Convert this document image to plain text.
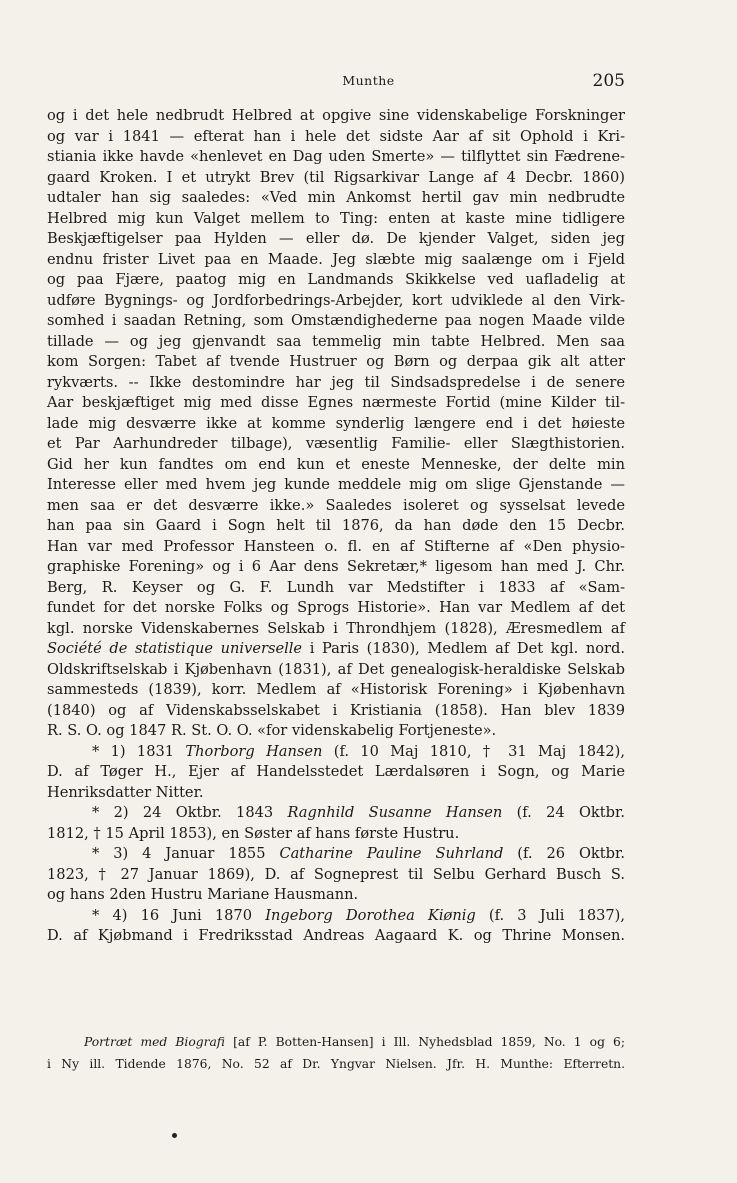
Munthe	205
og i det hele nedbrudt Helbred at opgive sine videnskabelige Forskninger
og var i 1841 — efterat han i hele det sidste Aar af sit Ophold i Kri-
stiania ikke havde «henlevet en Dag uden Smerte» — tilflyttet sin Fædrene-
gaard Kroken. I et utrykt Brev (til Rigsarkivar Lange af 4 Decbr. 1860)
udtaler han sig saaledes: «Ved min Ankomst hertil gav min nedbrudte
Helbred mig kun Valget mellem to Ting: enten at kaste mine tidligere
Beskjæftigelser paa Hylden — eller dø. De kjender Valget, siden jeg
endnu frister Livet paa en Maade. Jeg slæbte mig saalænge om i Fjeld
og paa Fjære, paatog mig en Landmands Skikkelse ved uafladelig at
udføre Bygnings- og Jordforbedrings-Arbejder, kort udviklede al den Virk-
somhed i saadan Retning, som Omstændighederne paa nogen Maade vilde
tillade — og jeg gjenvandt saa temmelig min tabte Helbred. Men saa
kom Sorgen: Tabet af tvende Hustruer og Børn og derpaa gik alt atter
rykværts. -- Ikke destomindre har jeg til Sindsadspredelse i de senere
Aar beskjæftiget mig med disse Egnes nærmeste Fortid (mine Kilder til-
lade mig desværre ikke at komme synderlig længere end i det høieste
et Par Aarhundreder tilbage), væsentlig Familie- eller Slægthistorien.
Gid her kun fandtes om end kun et eneste Menneske, der delte min
Interesse eller med hvem jeg kunde meddele mig om slige Gjenstande —
men saa er det desværre ikke.» Saaledes isoleret og sysselsat levede
han paa sin Gaard i Sogn helt til 1876, da han døde den 15 Decbr.
Han var med Professor Hansteen o. fl. en af Stifterne af «Den physio-
graphiske Forening» og i 6 Aar dens Sekretær,* ligesom han med J. Chr.
Berg, R. Keyser og G. F. Lundh var Medstifter i 1833 af «Sam-
fundet for det norske Folks og Sprogs Historie». Han var Medlem af det
kgl. norske Videnskabernes Selskab i Throndhjem (1828), Æresmedlem af
Société de statistique universelle i Paris (1830), Medlem af Det kgl. nord.
Oldskriftselskab i Kjøbenhavn (1831), af Det genealogisk-heraldiske Selskab
sammesteds (1839), korr. Medlem af «Historisk Forening» i Kjøbenhavn
(1840) og af Videnskabsselskabet i Kristiania (1858). Han blev 1839
R. S. O. og 1847 R. St. O. O. «for videnskabelig Fortjeneste».
* 1) 1831 Thorborg Hansen (f. 10 Maj 1810, † 31 Maj 1842),
D. af Tøger H., Ejer af Handelsstedet Lærdalsøren i Sogn, og Marie
Henriksdatter Nitter.
* 2) 24 Oktbr. 1843 Ragnhild Susanne Hansen (f. 24 Oktbr.
1812, † 15 April 1853), en Søster af hans første Hustru.
* 3) 4 Januar 1855 Catharine Pauline Suhrland (f. 26 Oktbr.
1823, † 27 Januar 1869), D. af Sogneprest til Selbu Gerhard Busch S.
og hans 2den Hustru Mariane Hausmann.
* 4) 16 Juni 1870 Ingeborg Dorothea Kiønig (f. 3 Juli 1837),
D. af Kjøbmand i Fredriksstad Andreas Aagaard K. og Thrine Monsen.
Portræt med Biografi [af P. Botten-Hansen] i Ill. Nyhedsblad 1859, No. 1 og 6;
i Ny ill. Tidende 1876, No. 52 af Dr. Yngvar Nielsen. Jfr. H. Munthe: Efterretn.
